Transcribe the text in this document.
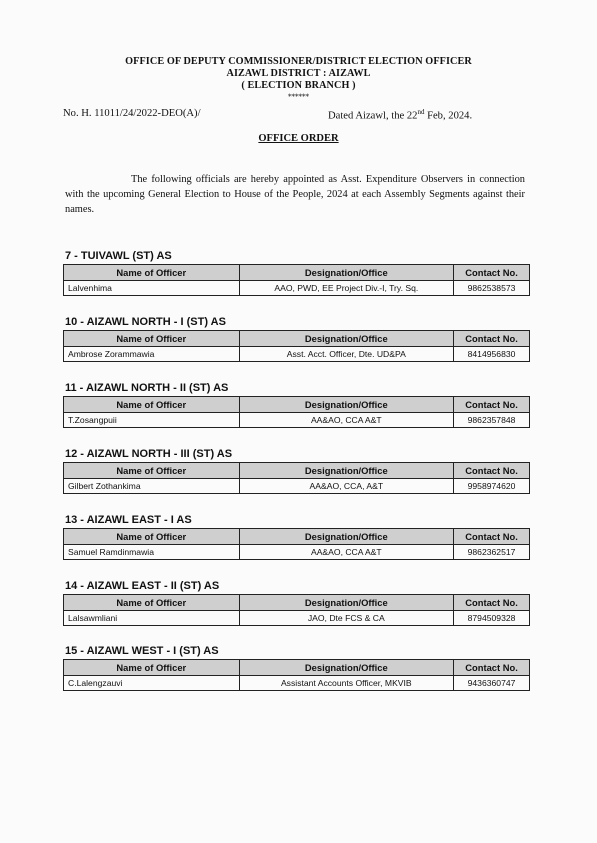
OFFICE OF DEPUTY COMMISSIONER/DISTRICT ELECTION OFFICER
AIZAWL DISTRICT : AIZAWL
( ELECTION BRANCH )
******
No. H. 11011/24/2022-DEO(A)/	Dated Aizawl, the 22nd Feb, 2024.
OFFICE ORDER
The following officials are hereby appointed as Asst. Expenditure Observers in connection with the upcoming General Election to House of the People, 2024 at each Assembly Segments against their names.
7 - TUIVAWL (ST) AS
Name of Officer	Designation/Office	Contact No.
Lalvenhima	AAO, PWD, EE Project Div.-I, Try. Sq.	9862538573
10 - AIZAWL NORTH - I (ST) AS
Name of Officer	Designation/Office	Contact No.
Ambrose Zorammawia	Asst. Acct. Officer, Dte. UD&PA	8414956830
11 - AIZAWL NORTH - II (ST) AS
Name of Officer	Designation/Office	Contact No.
T.Zosangpuii	AA&AO, CCA A&T	9862357848
12 - AIZAWL NORTH - III (ST) AS
Name of Officer	Designation/Office	Contact No.
Gilbert Zothankima	AA&AO, CCA, A&T	9958974620
13 - AIZAWL EAST - I AS
Name of Officer	Designation/Office	Contact No.
Samuel Ramdinmawia	AA&AO, CCA A&T	9862362517
14 - AIZAWL EAST - II (ST) AS
Name of Officer	Designation/Office	Contact No.
Lalsawmliani	JAO, Dte FCS & CA	8794509328
15 - AIZAWL WEST - I (ST) AS
Name of Officer	Designation/Office	Contact No.
C.Lalengzauvi	Assistant Accounts Officer, MKVIB	9436360747
